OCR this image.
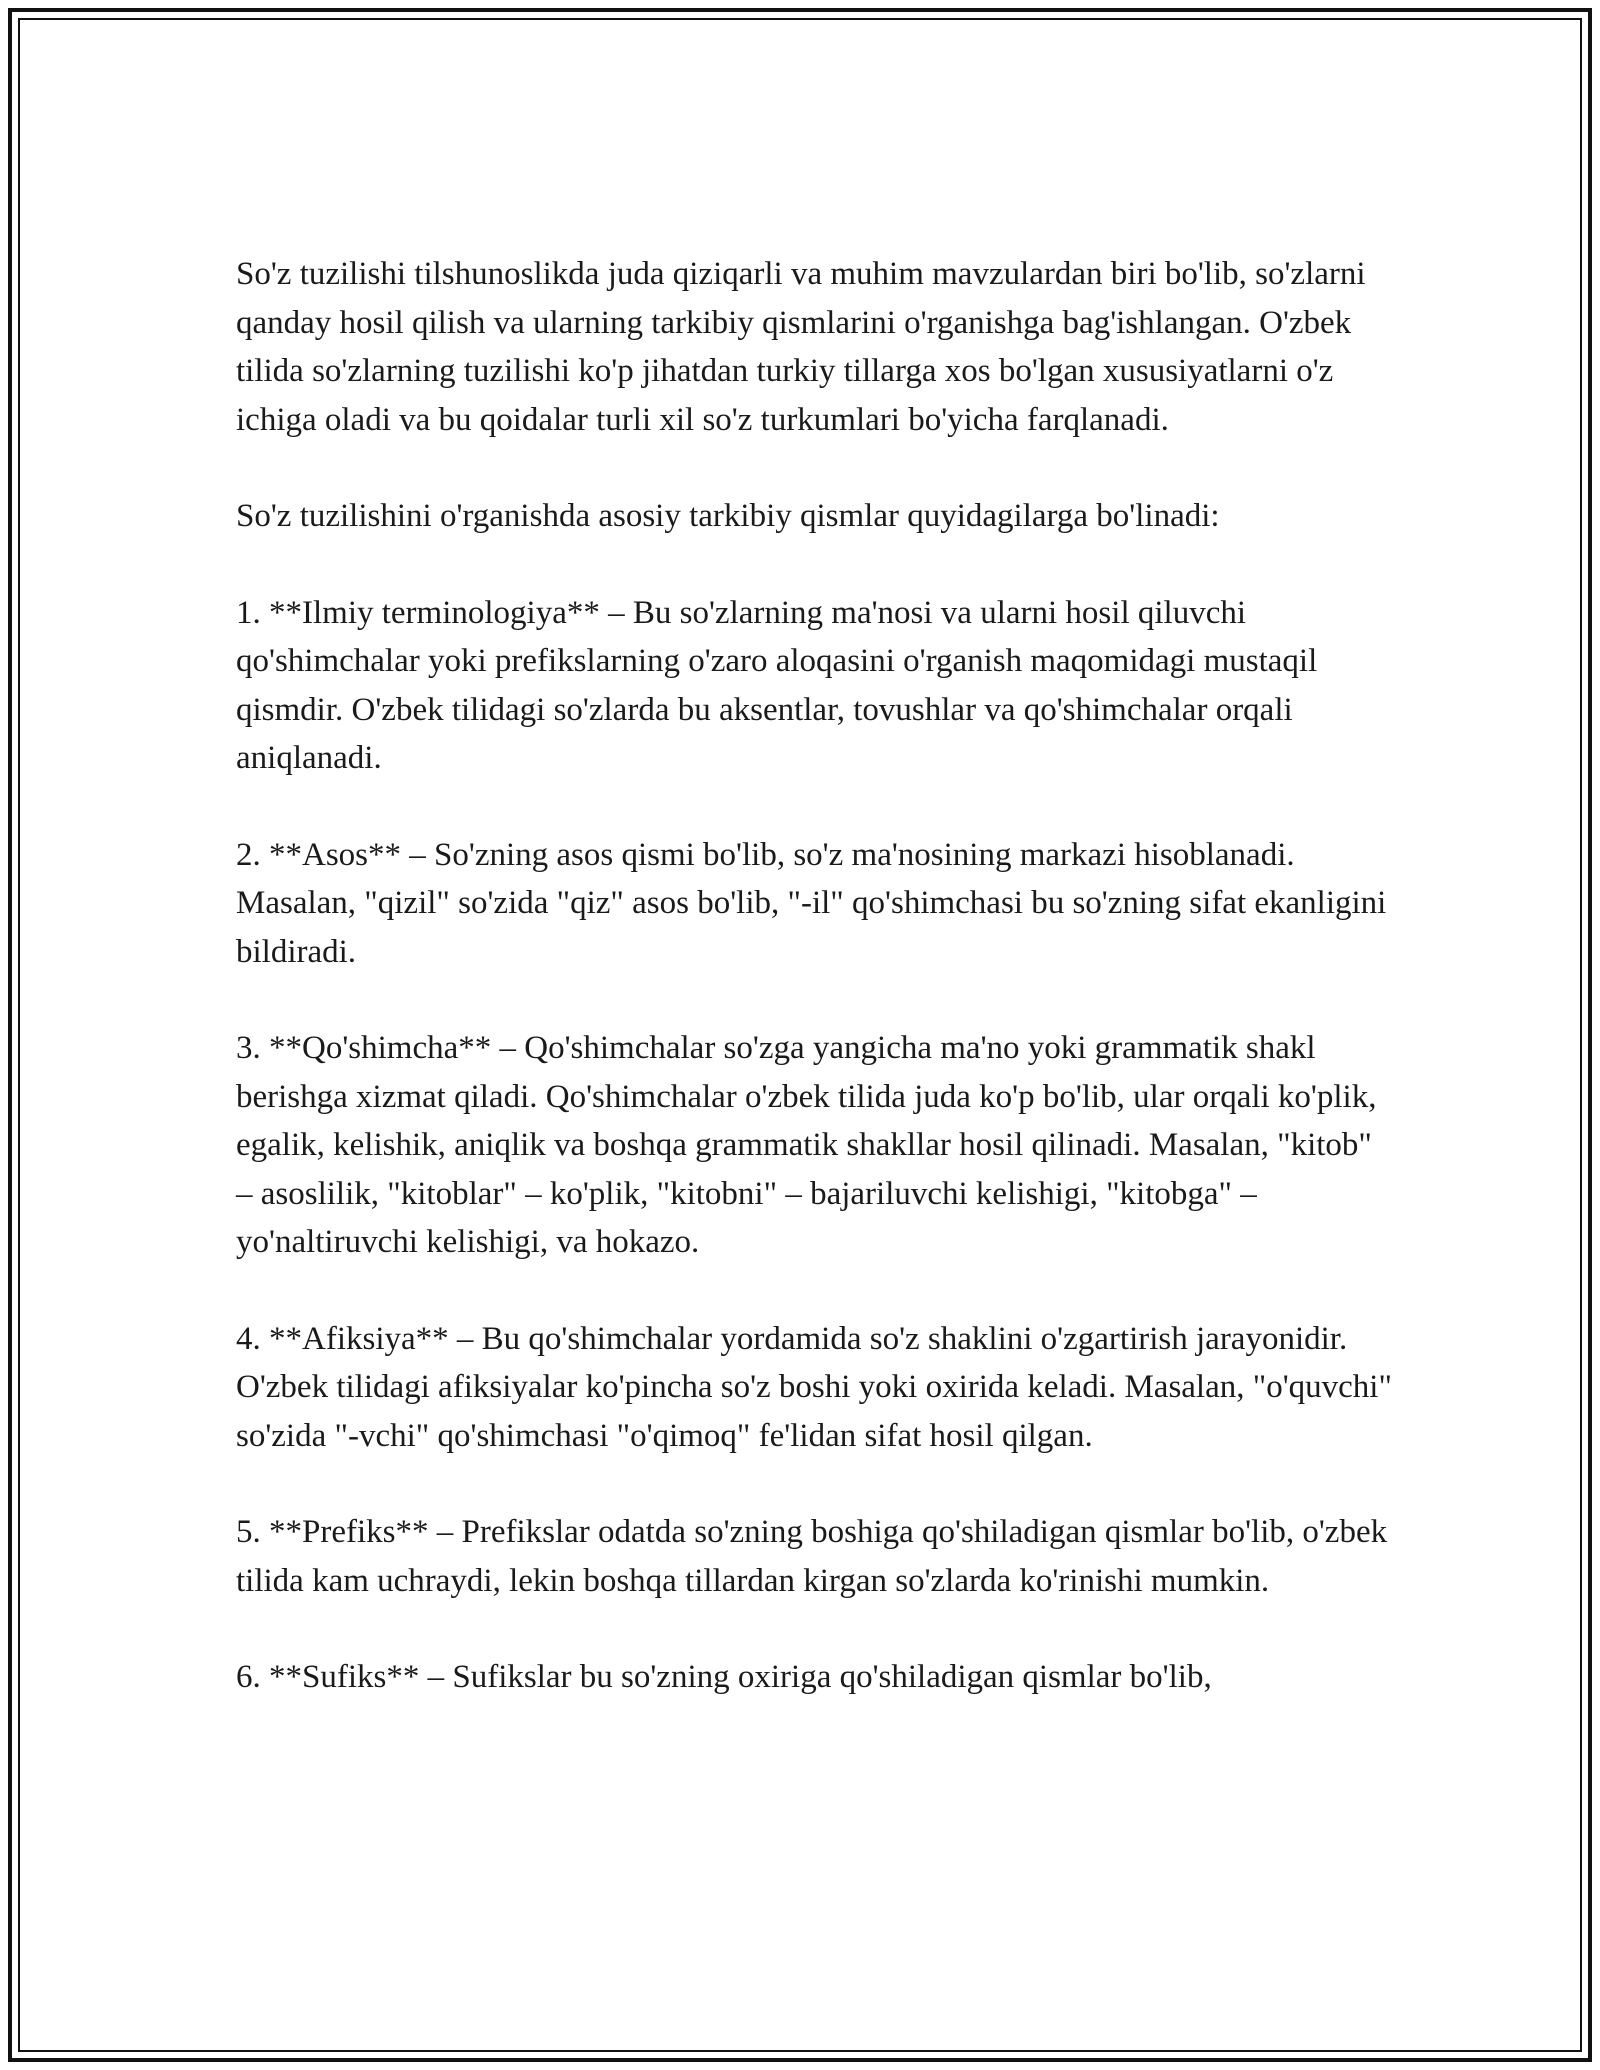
So'z tuzilishi tilshunoslikda juda qiziqarli va muhim mavzulardan biri bo'lib, so'zlarni qanday hosil qilish va ularning tarkibiy qismlarini o'rganishga bag'ishlangan. O'zbek tilida so'zlarning tuzilishi ko'p jihatdan turkiy tillarga xos bo'lgan xususiyatlarni o'z ichiga oladi va bu qoidalar turli xil so'z turkumlari bo'yicha farqlanadi.

So'z tuzilishini o'rganishda asosiy tarkibiy qismlar quyidagilarga bo'linadi:

1. **Ilmiy terminologiya** – Bu so'zlarning ma'nosi va ularni hosil qiluvchi qo'shimchalar yoki prefikslarning o'zaro aloqasini o'rganish maqomidagi mustaqil qismdir. O'zbek tilidagi so'zlarda bu aksentlar, tovushlar va qo'shimchalar orqali aniqlanadi.

2. **Asos** – So'zning asos qismi bo'lib, so'z ma'nosining markazi hisoblanadi. Masalan, "qizil" so'zida "qiz" asos bo'lib, "-il" qo'shimchasi bu so'zning sifat ekanligini bildiradi.

3. **Qo'shimcha** – Qo'shimchalar so'zga yangicha ma'no yoki grammatik shakl berishga xizmat qiladi. Qo'shimchalar o'zbek tilida juda ko'p bo'lib, ular orqali ko'plik, egalik, kelishik, aniqlik va boshqa grammatik shakllar hosil qilinadi. Masalan, "kitob" – asoslilik, "kitoblar" – ko'plik, "kitobni" – bajariluvchi kelishigi, "kitobga" – yo'naltiruvchi kelishigi, va hokazo.

4. **Afiksiya** – Bu qo'shimchalar yordamida so'z shaklini o'zgartirish jarayonidir. O'zbek tilidagi afiksiyalar ko'pincha so'z boshi yoki oxirida keladi. Masalan, "o'quvchi" so'zida "-vchi" qo'shimchasi "o'qimoq" fe'lidan sifat hosil qilgan.

5. **Prefiks** – Prefikslar odatda so'zning boshiga qo'shiladigan qismlar bo'lib, o'zbek tilida kam uchraydi, lekin boshqa tillardan kirgan so'zlarda ko'rinishi mumkin.

6. **Sufiks** – Sufikslar bu so'zning oxiriga qo'shiladigan qismlar bo'lib,
